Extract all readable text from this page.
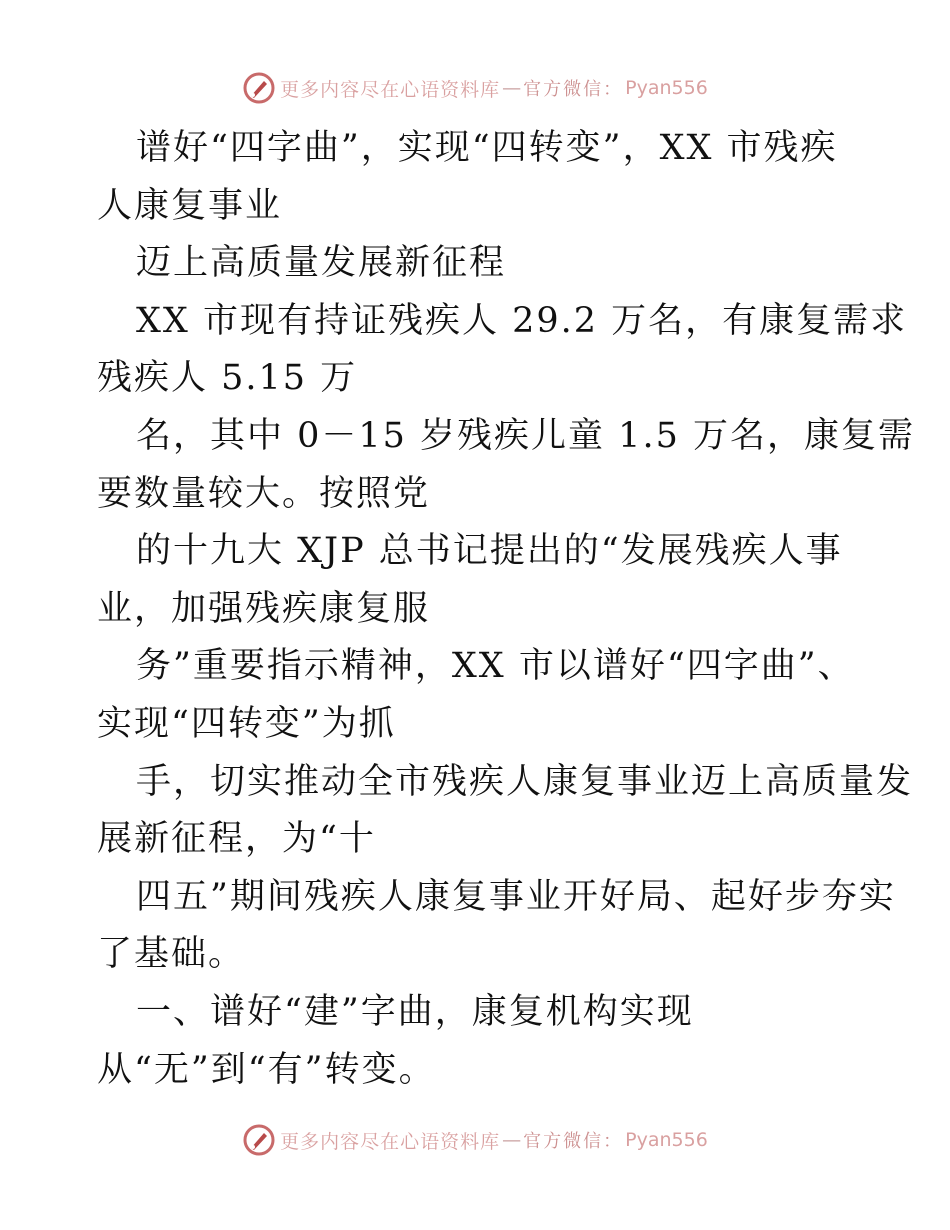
更多内容尽在心语资料库 — 官方微信： Pyan556
谱好“四字曲”，实现“四转变”，XX 市残疾
人康复事业
迈上高质量发展新征程
XX 市现有持证残疾人 29.2 万名，有康复需求
残疾人 5.15 万
名，其中 0－15 岁残疾儿童 1.5 万名，康复需
要数量较大。按照党
的十九大 XJP 总书记提出的“发展残疾人事
业，加强残疾康复服
务”重要指示精神，XX 市以谱好“四字曲”、
实现“四转变”为抓
手，切实推动全市残疾人康复事业迈上高质量发
展新征程，为“十
四五”期间残疾人康复事业开好局、起好步夯实
了基础。
一、谱好“建”字曲，康复机构实现
从“无”到“有”转变。
更多内容尽在心语资料库 — 官方微信： Pyan556
